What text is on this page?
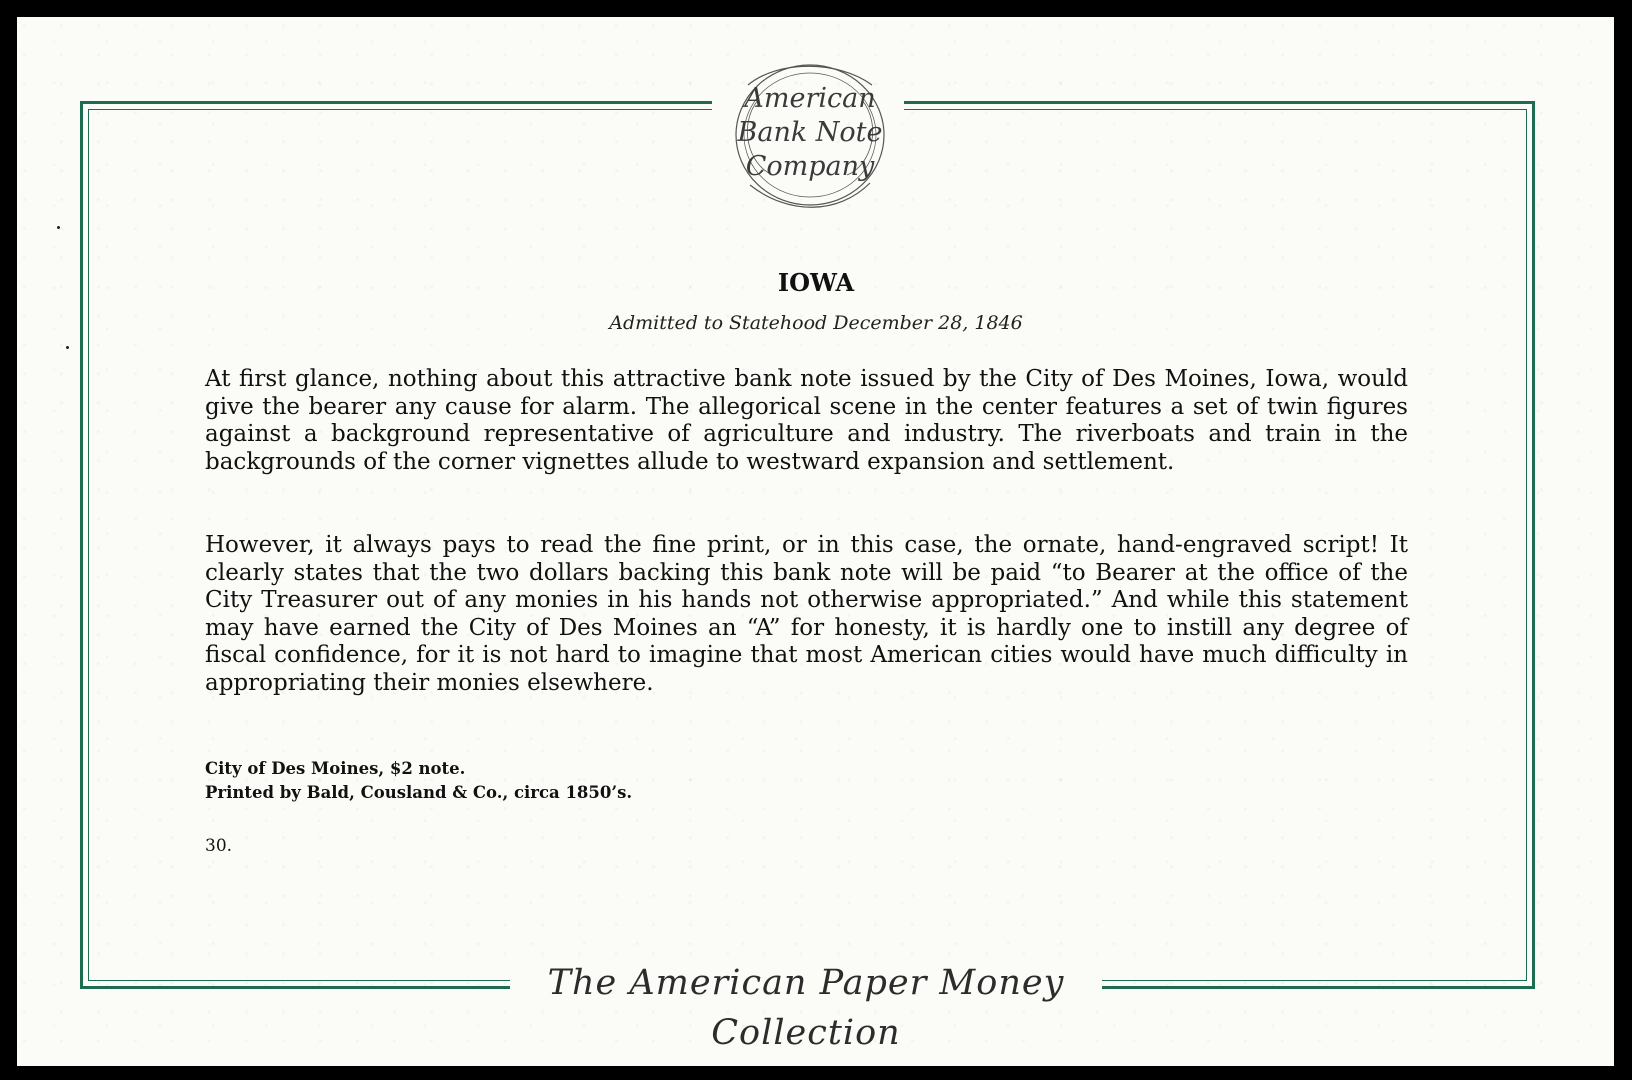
American
Bank Note
Company
IOWA
Admitted to Statehood December 28, 1846

At first glance, nothing about this attractive bank note issued by the City of Des Moines, Iowa, would give the bearer any cause for alarm. The allegorical scene in the center features a set of twin figures against a background representative of agriculture and industry. The riverboats and train in the backgrounds of the corner vignettes allude to westward expansion and settlement.

However, it always pays to read the fine print, or in this case, the ornate, hand-engraved script! It clearly states that the two dollars backing this bank note will be paid “to Bearer at the office of the City Treasurer out of any monies in his hands not otherwise appropriated.” And while this statement may have earned the City of Des Moines an “A” for honesty, it is hardly one to instill any degree of fiscal confidence, for it is not hard to imagine that most American cities would have much difficulty in appropriating their monies elsewhere.

City of Des Moines, $2 note.
Printed by Bald, Cousland & Co., circa 1850’s.
30.
The American Paper Money Collection
